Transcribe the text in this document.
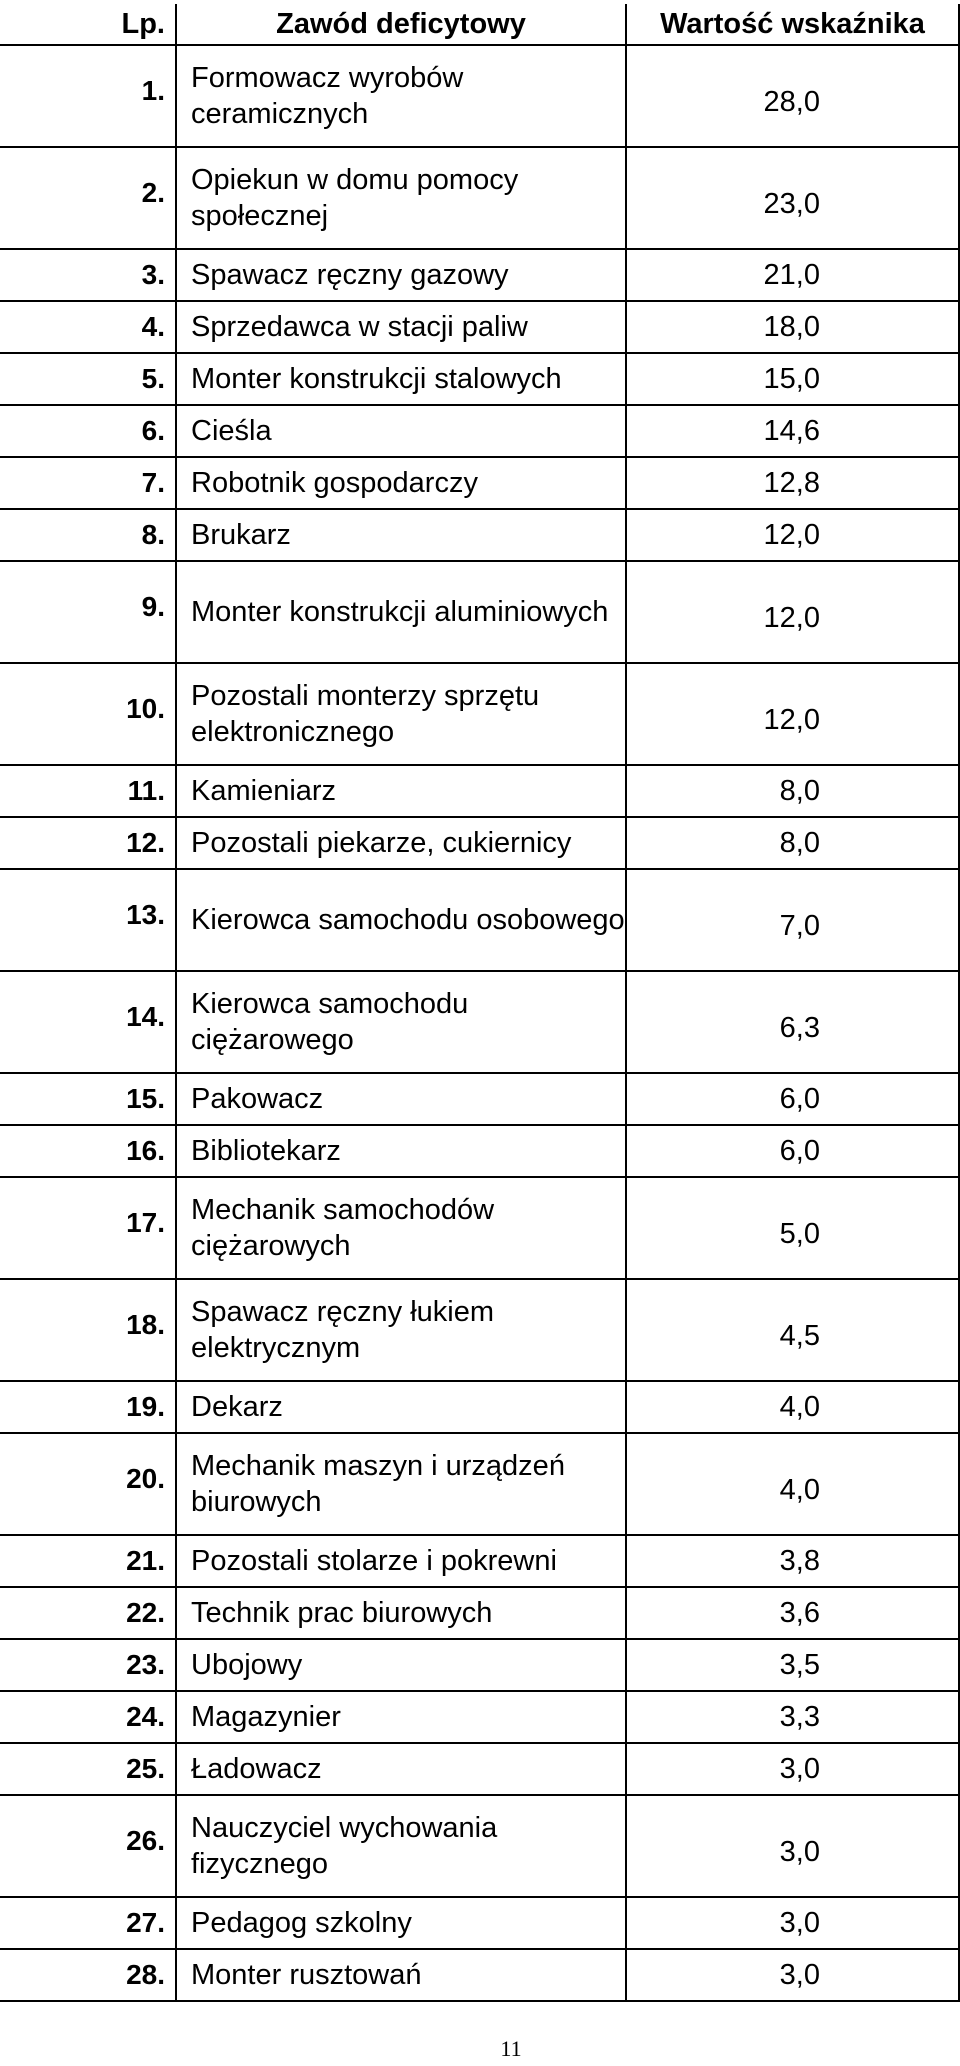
Lp.	Zawód deficytowy	Wartość wskaźnika
1.	Formowacz wyrobów ceramicznych	28,0
2.	Opiekun w domu pomocy społecznej	23,0
3.	Spawacz ręczny gazowy	21,0
4.	Sprzedawca w stacji paliw	18,0
5.	Monter konstrukcji stalowych	15,0
6.	Cieśla	14,6
7.	Robotnik gospodarczy	12,8
8.	Brukarz	12,0
9.	Monter konstrukcji aluminiowych	12,0
10.	Pozostali monterzy sprzętu elektronicznego	12,0
11.	Kamieniarz	8,0
12.	Pozostali piekarze, cukiernicy	8,0
13.	Kierowca samochodu osobowego	7,0
14.	Kierowca samochodu ciężarowego	6,3
15.	Pakowacz	6,0
16.	Bibliotekarz	6,0
17.	Mechanik samochodów ciężarowych	5,0
18.	Spawacz ręczny łukiem elektrycznym	4,5
19.	Dekarz	4,0
20.	Mechanik maszyn i urządzeń biurowych	4,0
21.	Pozostali stolarze i pokrewni	3,8
22.	Technik prac biurowych	3,6
23.	Ubojowy	3,5
24.	Magazynier	3,3
25.	Ładowacz	3,0
26.	Nauczyciel wychowania fizycznego	3,0
27.	Pedagog szkolny	3,0
28.	Monter rusztowań	3,0
11
